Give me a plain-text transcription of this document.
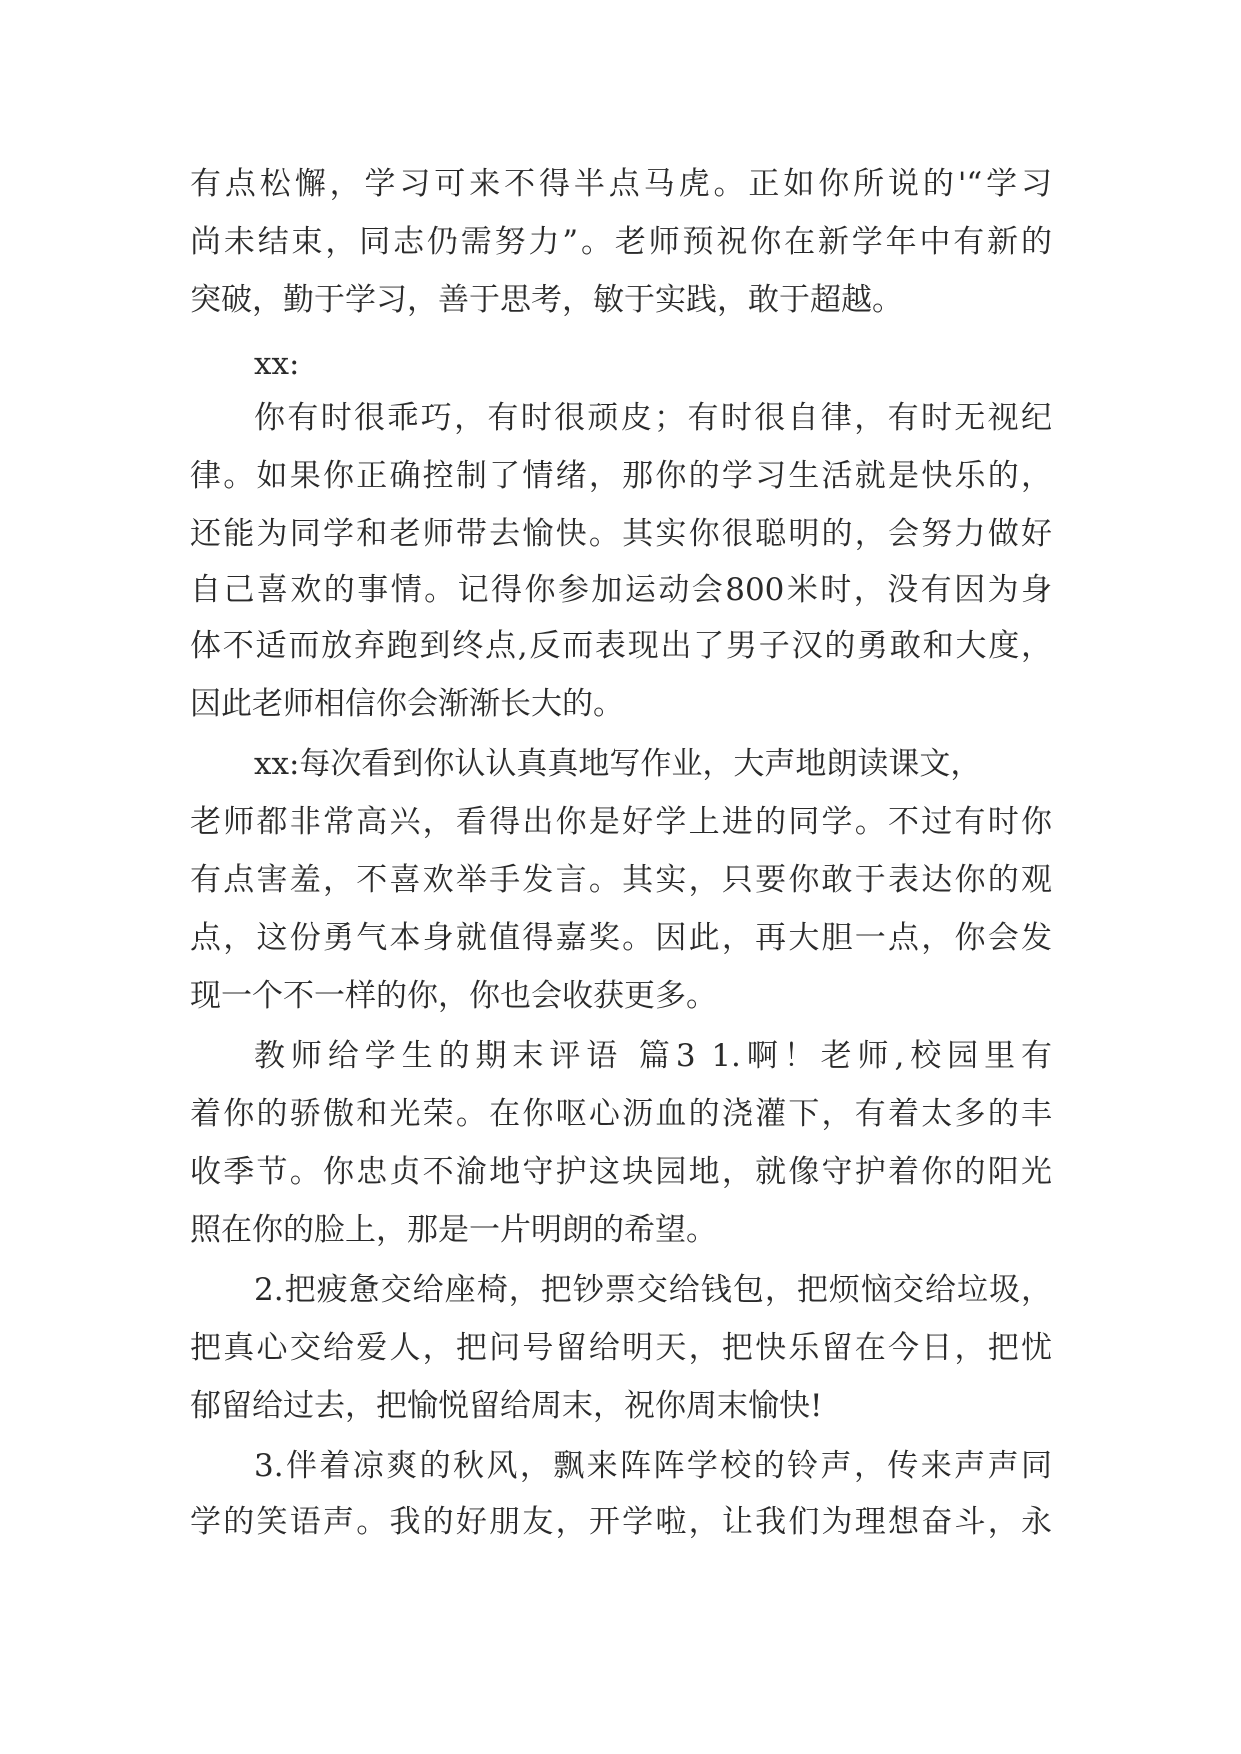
有点松懈，学习可来不得半点马虎。正如你所说的'“学习
尚未结束，同志仍需努力”。老师预祝你在新学年中有新的
突破，勤于学习，善于思考，敏于实践，敢于超越。
xx:
你有时很乖巧，有时很顽皮；有时很自律，有时无视纪
律。如果你正确控制了情绪，那你的学习生活就是快乐的，
还能为同学和老师带去愉快。其实你很聪明的，会努力做好
自己喜欢的事情。记得你参加运动会800米时，没有因为身
体不适而放弃跑到终点,反而表现出了男子汉的勇敢和大度，
因此老师相信你会渐渐长大的。
xx:每次看到你认认真真地写作业，大声地朗读课文，
老师都非常高兴，看得出你是好学上进的同学。不过有时你
有点害羞，不喜欢举手发言。其实，只要你敢于表达你的观
点，这份勇气本身就值得嘉奖。因此，再大胆一点，你会发
现一个不一样的你，你也会收获更多。
教师给学生的期末评语 篇3 1.啊！老师,校园里有
着你的骄傲和光荣。在你呕心沥血的浇灌下，有着太多的丰
收季节。你忠贞不渝地守护这块园地，就像守护着你的阳光
照在你的脸上，那是一片明朗的希望。
2.把疲惫交给座椅，把钞票交给钱包，把烦恼交给垃圾，
把真心交给爱人，把问号留给明天，把快乐留在今日，把忧
郁留给过去，把愉悦留给周末，祝你周末愉快!
3.伴着凉爽的秋风，飘来阵阵学校的铃声，传来声声同
学的笑语声。我的好朋友，开学啦，让我们为理想奋斗，永
